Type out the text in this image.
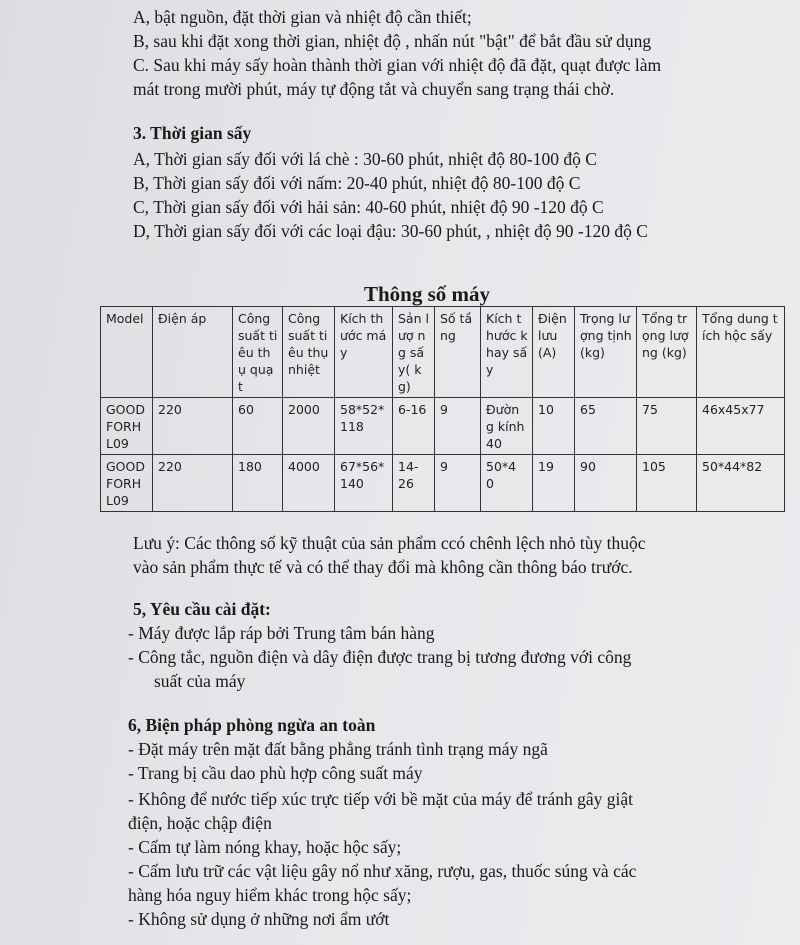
A, bật nguồn, đặt thời gian và nhiệt độ cần thiết;
B, sau khi đặt xong thời gian, nhiệt độ , nhấn nút "bật" để bắt đầu sử dụng
C. Sau khi máy sấy hoàn thành thời gian với nhiệt độ đã đặt, quạt được làm
mát trong mười phút, máy tự động tắt và chuyển sang trạng thái chờ.
3. Thời gian sấy
A, Thời gian sấy đối với lá chè : 30-60 phút, nhiệt độ 80-100 độ C
B, Thời gian sấy đối với nấm: 20-40 phút, nhiệt độ 80-100 độ C
C, Thời gian sấy đối với hải sản: 40-60 phút, nhiệt độ 90 -120 độ C
D, Thời gian sấy đối với các loại đậu: 30-60 phút, , nhiệt độ 90 -120 độ C
Thông số máy
Model	Điện áp	Công suất tiêu thụ quạt	Công suất tiêu thụ nhiệt	Kích thước máy	Sản lượ ng sấy( kg)	Số tầng	Kích thước khay sấy	Điện lưu (A)	Trọng lượng tịnh (kg)	Tổng trọng lượng (kg)	Tổng dung tích hộc sấy
GOOD FORH L09	220	60	2000	58*52* 118	6-16	9	Đườn g kính 40	10	65	75	46x45x77
GOOD FORH L09	220	180	4000	67*56* 140	14- 26	9	50*4 0	19	90	105	50*44*82
Lưu ý: Các thông số kỹ thuật của sản phẩm ccó chênh lệch nhỏ tùy thuộc
vào sản phẩm thực tế và có thể thay đổi mà không cần thông báo trước.
5, Yêu cầu cài đặt:
- Máy được lắp ráp bởi Trung tâm bán hàng
- Công tắc, nguồn điện và dây điện được trang bị tương đương với công
suất của máy
6, Biện pháp phòng ngừa an toàn
- Đặt máy trên mặt đất bằng phẳng tránh tình trạng máy ngã
- Trang bị cầu dao phù hợp công suất máy
- Không để nước tiếp xúc trực tiếp với bề mặt của máy để tránh gây giật
điện, hoặc chập điện
- Cấm tự làm nóng khay, hoặc hộc sấy;
- Cấm lưu trữ các vật liệu gây nổ như xăng, rượu, gas, thuốc súng và các
hàng hóa nguy hiểm khác trong hộc sấy;
- Không sử dụng ở những nơi ẩm ướt
